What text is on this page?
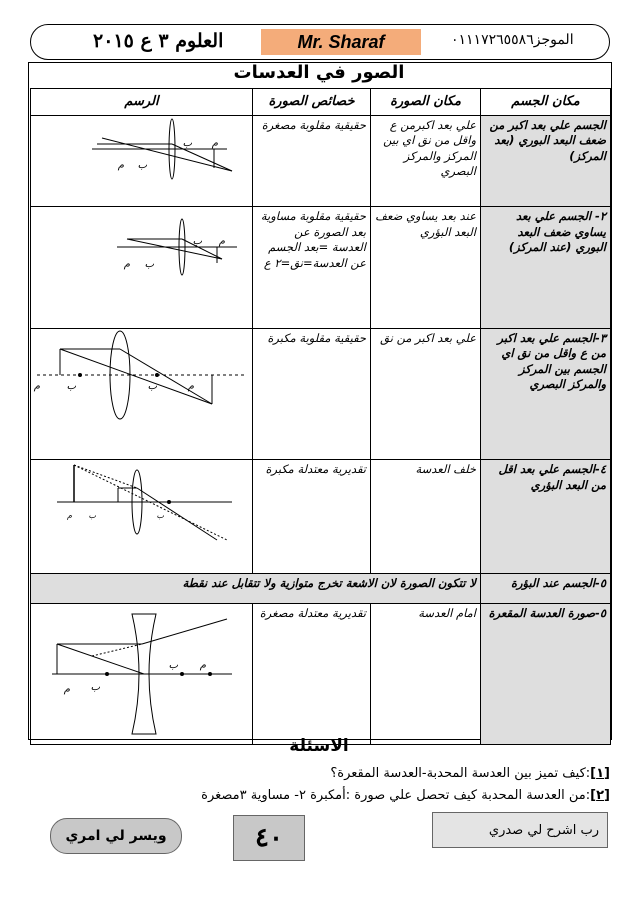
العلوم ٣ ع ٢٠١٥	Mr. Sharaf	الموجز٠١١١٧٢٦٥٥٨٦
الصور في العدسات
مكان الجسم	مكان الصورة	خصائص الصورة	الرسم
الجسم علي بعد اكبر من ضعف البعد البوري (بعد المركز)	علي بعد اكبرمن ع واقل من نق اي بين المركز والمركز البصري	حقيقية مقلوبة مصغرة	م
ب
م ب

٢- الجسم علي بعد يساوي ضعف البعد البوري (عند المركز)	عند بعد يساوي ضعف البعد البؤري	حقيقية مقلوبة مساوية بعد الصورة عن العدسة =بعد الجسم عن العدسة=نق=٢ ع	م
ب
م ب

٣-الجسم علي بعد اكبر من ع واقل من نق اي الجسم بين المركز والمركز البصري	علي بعد اكبر من نق	حقيقية مقلوبة مكبرة	م ب ب م

٤-الجسم علي بعد اقل من البعد البؤري	خلف العدسة	تقديرية معتدلة مكبرة	م ب ب

٥-الجسم عند البؤرة	لا تتكون الصورة لان الاشعة تخرج متوازية ولا تتقابل عند نقطة		
٥-صورة العدسة المقعرة	امام العدسة	تقديرية معتدلة مصغرة	م ب
ب م
الاسئلة
[١]:كيف تميز بين العدسة المحدبة-العدسة المقعرة؟
[٢]:من العدسة المحدبة كيف تحصل علي صورة :أمكبرة ٢- مساوية ٣مصغرة
ويسر لي امري	٤٠	رب اشرح لي صدري
